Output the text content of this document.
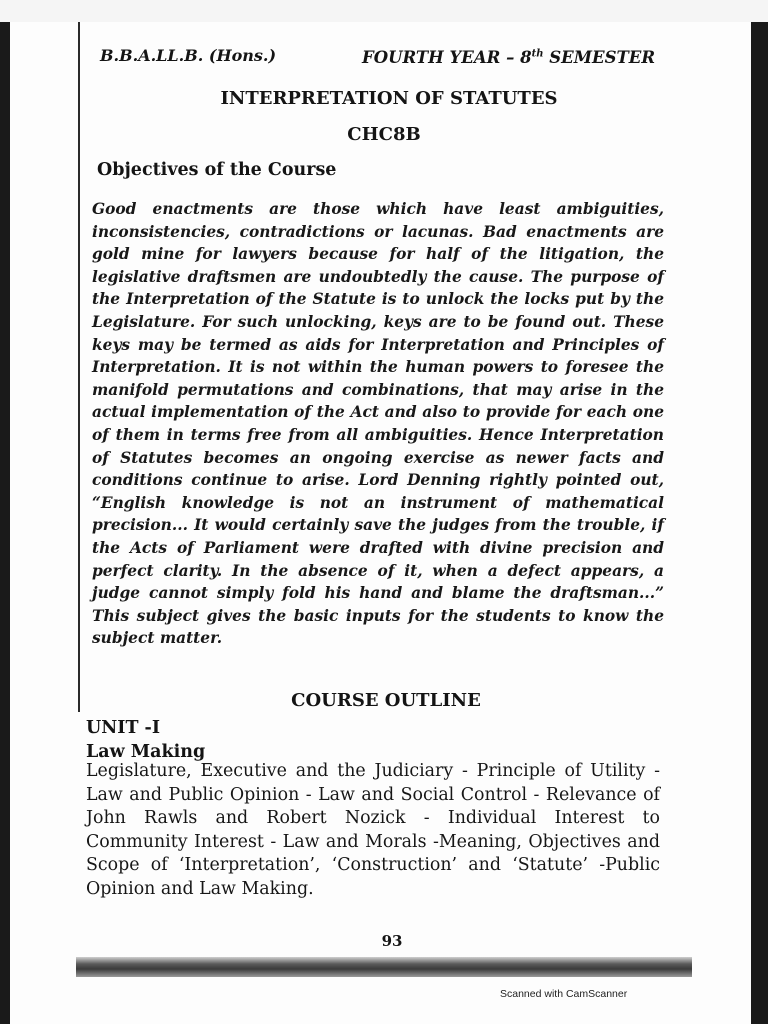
B.B.A.LL.B. (Hons.)	FOURTH YEAR – 8th SEMESTER
INTERPRETATION OF STATUTES
CHC8B
Objectives of the Course
Good enactments are those which have least ambiguities, inconsistencies, contradictions or lacunas. Bad enactments are gold mine for lawyers because for half of the litigation, the legislative draftsmen are undoubtedly the cause. The purpose of the Interpretation of the Statute is to unlock the locks put by the Legislature. For such unlocking, keys are to be found out. These keys may be termed as aids for Interpretation and Principles of Interpretation. It is not within the human powers to foresee the manifold permutations and combinations, that may arise in the actual implementation of the Act and also to provide for each one of them in terms free from all ambiguities. Hence Interpretation of Statutes becomes an ongoing exercise as newer facts and conditions continue to arise. Lord Denning rightly pointed out, “English knowledge is not an instrument of mathematical precision... It would certainly save the judges from the trouble, if the Acts of Parliament were drafted with divine precision and perfect clarity. In the absence of it, when a defect appears, a judge cannot simply fold his hand and blame the draftsman...” This subject gives the basic inputs for the students to know the subject matter.
COURSE OUTLINE
UNIT -I
Law Making
Legislature, Executive and the Judiciary - Principle of Utility - Law and Public Opinion - Law and Social Control - Relevance of John Rawls and Robert Nozick - Individual Interest to Community Interest - Law and Morals -Meaning, Objectives and Scope of ‘Interpretation’, ‘Construction’ and ‘Statute’ -Public Opinion and Law Making.
93
Scanned with CamScanner
